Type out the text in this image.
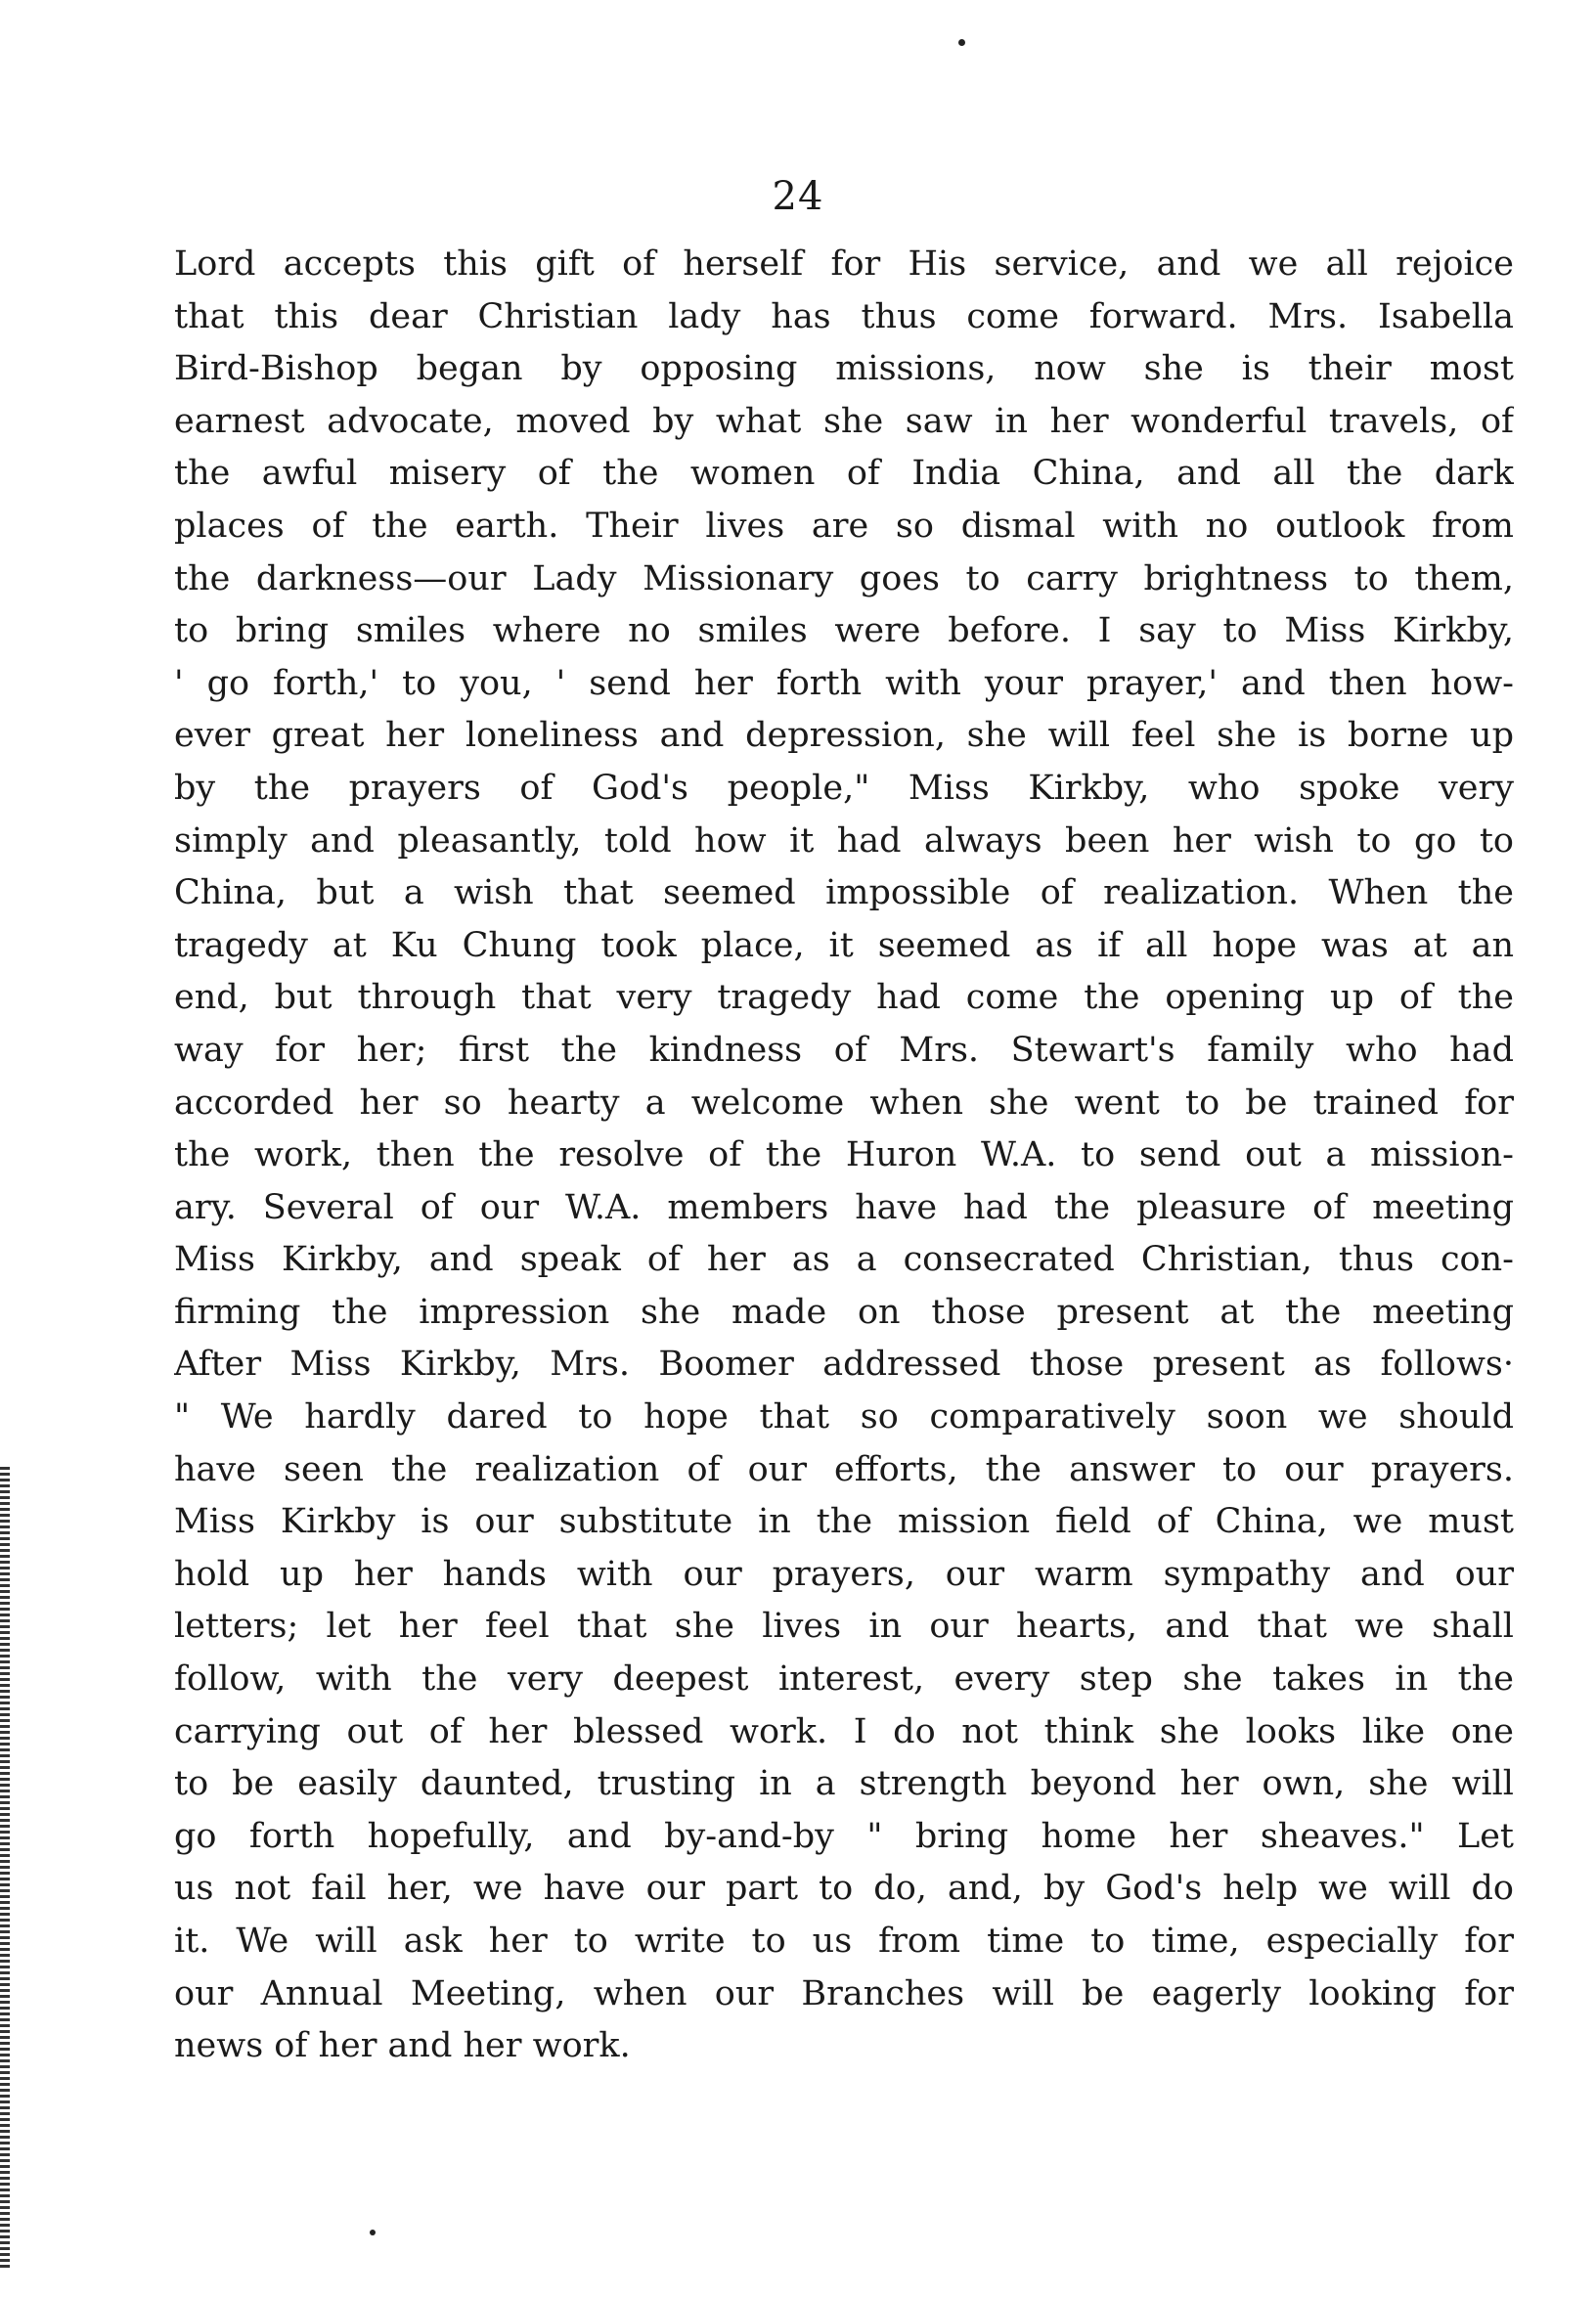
24
Lord accepts this gift of herself for His service, and we all rejoice
that this dear Christian lady has thus come forward. Mrs. Isabella
Bird-Bishop began by opposing missions, now she is their most
earnest advocate, moved by what she saw in her wonderful travels, of
the awful misery of the women of India China, and all the dark
places of the earth. Their lives are so dismal with no outlook from
the darkness—our Lady Missionary goes to carry brightness to them,
to bring smiles where no smiles were before. I say to Miss Kirkby,
' go forth,' to you, ' send her forth with your prayer,' and then how-
ever great her loneliness and depression, she will feel she is borne up
by the prayers of God's people," Miss Kirkby, who spoke very
simply and pleasantly, told how it had always been her wish to go to
China, but a wish that seemed impossible of realization. When the
tragedy at Ku Chung took place, it seemed as if all hope was at an
end, but through that very tragedy had come the opening up of the
way for her; first the kindness of Mrs. Stewart's family who had
accorded her so hearty a welcome when she went to be trained for
the work, then the resolve of the Huron W.A. to send out a mission-
ary. Several of our W.A. members have had the pleasure of meeting
Miss Kirkby, and speak of her as a consecrated Christian, thus con-
firming the impression she made on those present at the meeting
After Miss Kirkby, Mrs. Boomer addressed those present as follows·
" We hardly dared to hope that so comparatively soon we should
have seen the realization of our efforts, the answer to our prayers.
Miss Kirkby is our substitute in the mission field of China, we must
hold up her hands with our prayers, our warm sympathy and our
letters; let her feel that she lives in our hearts, and that we shall
follow, with the very deepest interest, every step she takes in the
carrying out of her blessed work. I do not think she looks like one
to be easily daunted, trusting in a strength beyond her own, she will
go forth hopefully, and by-and-by " bring home her sheaves." Let
us not fail her, we have our part to do, and, by God's help we will do
it. We will ask her to write to us from time to time, especially for
our Annual Meeting, when our Branches will be eagerly looking for
news of her and her work.
